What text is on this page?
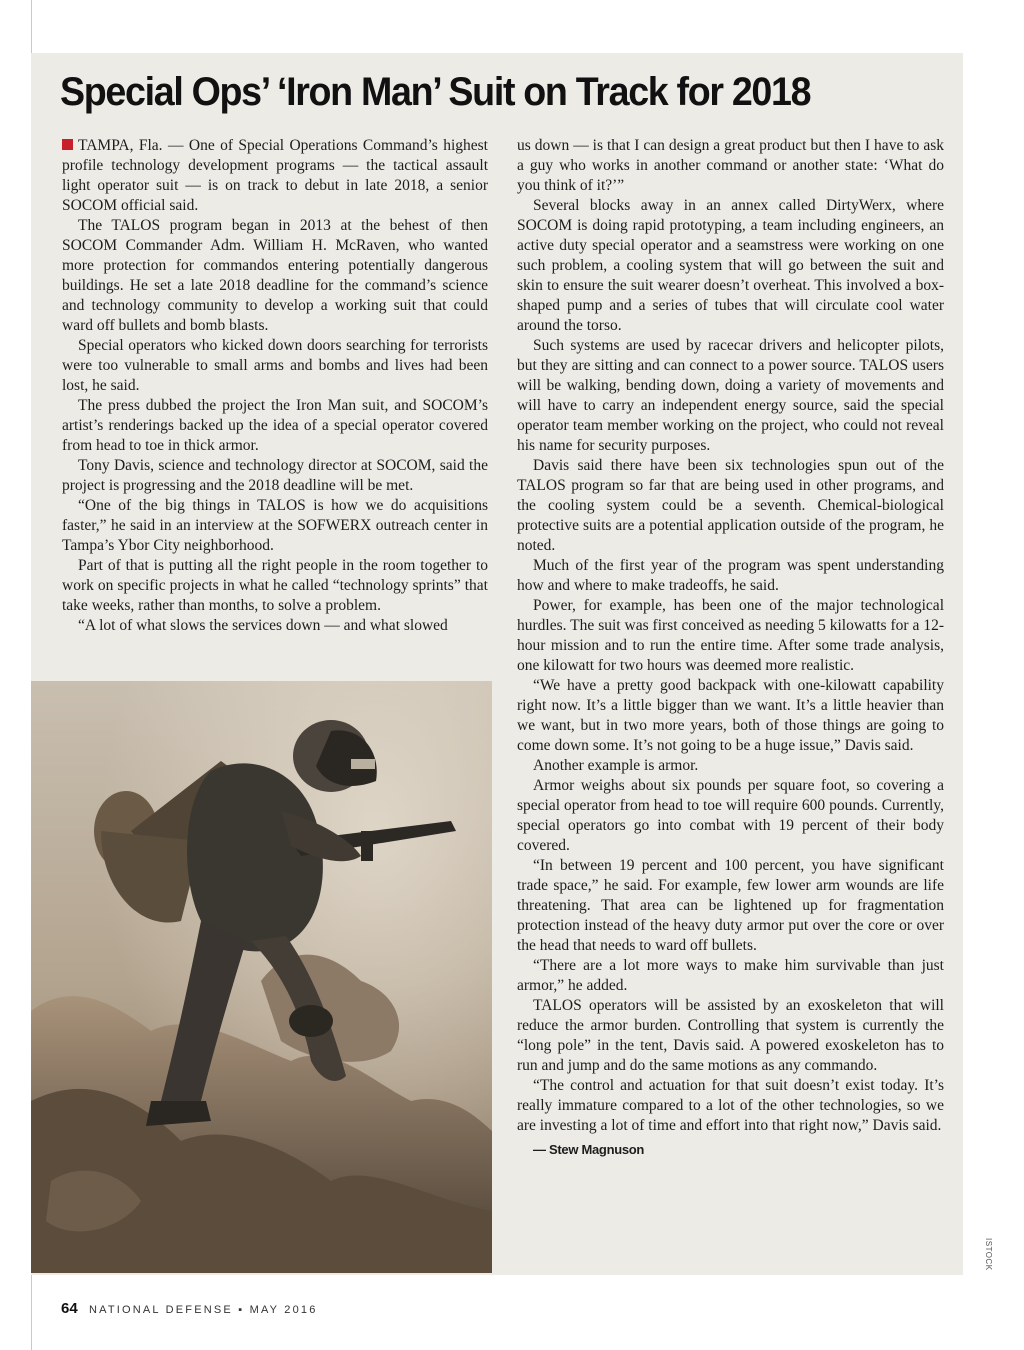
Special Ops’ ‘Iron Man’ Suit on Track for 2018

TAMPA, Fla. — One of Special Operations Command’s highest profile technology development programs — the tactical assault light operator suit — is on track to debut in late 2018, a senior SOCOM official said.

The TALOS program began in 2013 at the behest of then SOCOM Commander Adm. William H. McRaven, who wanted more protection for commandos entering potentially dangerous buildings. He set a late 2018 deadline for the command’s science and technology community to develop a working suit that could ward off bullets and bomb blasts.

Special operators who kicked down doors searching for terrorists were too vulnerable to small arms and bombs and lives had been lost, he said.

The press dubbed the project the Iron Man suit, and SOCOM’s artist’s renderings backed up the idea of a special operator covered from head to toe in thick armor.

Tony Davis, science and technology director at SOCOM, said the project is progressing and the 2018 deadline will be met.

“One of the big things in TALOS is how we do acquisitions faster,” he said in an interview at the SOFWERX outreach center in Tampa’s Ybor City neighborhood.

Part of that is putting all the right people in the room together to work on specific projects in what he called “technology sprints” that take weeks, rather than months, to solve a problem.

“A lot of what slows the services down — and what slowed

us down — is that I can design a great product but then I have to ask a guy who works in another command or another state: ‘What do you think of it?’”

Several blocks away in an annex called DirtyWerx, where SOCOM is doing rapid prototyping, a team including engineers, an active duty special operator and a seamstress were working on one such problem, a cooling system that will go between the suit and skin to ensure the suit wearer doesn’t overheat. This involved a box-shaped pump and a series of tubes that will circulate cool water around the torso.

Such systems are used by racecar drivers and helicopter pilots, but they are sitting and can connect to a power source. TALOS users will be walking, bending down, doing a variety of movements and will have to carry an independent energy source, said the special operator team member working on the project, who could not reveal his name for security purposes.

Davis said there have been six technologies spun out of the TALOS program so far that are being used in other programs, and the cooling system could be a seventh. Chemical-biological protective suits are a potential application outside of the program, he noted.

Much of the first year of the program was spent understanding how and where to make tradeoffs, he said.

Power, for example, has been one of the major technological hurdles. The suit was first conceived as needing 5 kilowatts for a 12-hour mission and to run the entire time. After some trade analysis, one kilowatt for two hours was deemed more realistic.

“We have a pretty good backpack with one-kilowatt capability right now. It’s a little bigger than we want. It’s a little heavier than we want, but in two more years, both of those things are going to come down some. It’s not going to be a huge issue,” Davis said.

Another example is armor.

Armor weighs about six pounds per square foot, so covering a special operator from head to toe will require 600 pounds. Currently, special operators go into combat with 19 percent of their body covered.

“In between 19 percent and 100 percent, you have significant trade space,” he said. For example, few lower arm wounds are life threatening. That area can be lightened up for fragmentation protection instead of the heavy duty armor put over the core or over the head that needs to ward off bullets.

“There are a lot more ways to make him survivable than just armor,” he added.

TALOS operators will be assisted by an exoskeleton that will reduce the armor burden. Controlling that system is currently the “long pole” in the tent, Davis said. A powered exoskeleton has to run and jump and do the same motions as any commando.

“The control and actuation for that suit doesn’t exist today. It’s really immature compared to a lot of the other technologies, so we are investing a lot of time and effort into that right now,” Davis said.

— Stew Magnuson
ISTOCK
64 NATIONAL DEFENSE ▪ MAY 2016
